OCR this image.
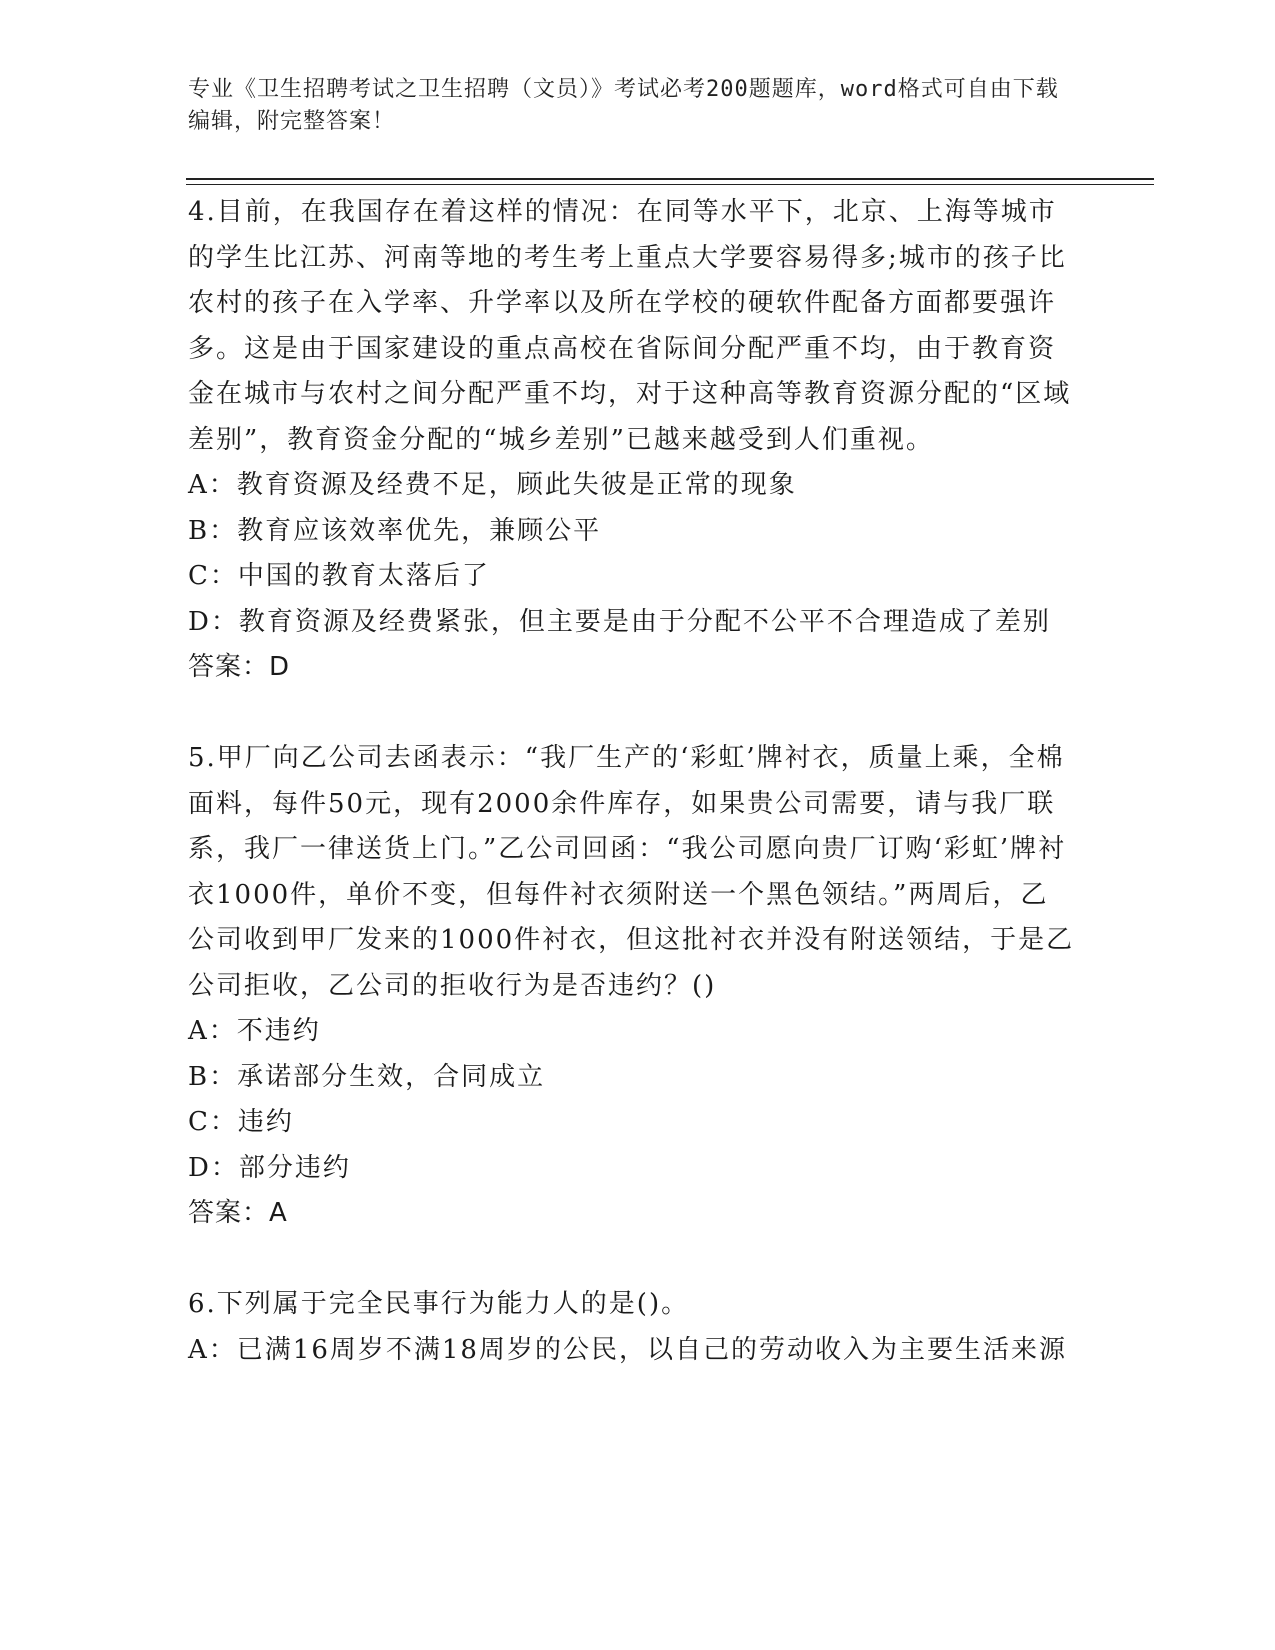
专业《卫生招聘考试之卫生招聘（文员）》考试必考200题题库，word格式可自由下载编辑，附完整答案！

4.目前，在我国存在着这样的情况：在同等水平下，北京、上海等城市的学生比江苏、河南等地的考生考上重点大学要容易得多;城市的孩子比农村的孩子在入学率、升学率以及所在学校的硬软件配备方面都要强许多。这是由于国家建设的重点高校在省际间分配严重不均，由于教育资金在城市与农村之间分配严重不均，对于这种高等教育资源分配的“区域差别”，教育资金分配的“城乡差别”已越来越受到人们重视。

A：教育资源及经费不足，顾此失彼是正常的现象

B：教育应该效率优先，兼顾公平

C：中国的教育太落后了

D：教育资源及经费紧张，但主要是由于分配不公平不合理造成了差别

答案：D

5.甲厂向乙公司去函表示：“我厂生产的‘彩虹’牌衬衣，质量上乘，全棉面料，每件50元，现有2000余件库存，如果贵公司需要，请与我厂联系，我厂一律送货上门。”乙公司回函：“我公司愿向贵厂订购‘彩虹’牌衬衣1000件，单价不变，但每件衬衣须附送一个黑色领结。”两周后，乙公司收到甲厂发来的1000件衬衣，但这批衬衣并没有附送领结，于是乙公司拒收，乙公司的拒收行为是否违约？()

A：不违约

B：承诺部分生效，合同成立

C：违约

D：部分违约

答案：A

6.下列属于完全民事行为能力人的是()。

A：已满16周岁不满18周岁的公民，以自己的劳动收入为主要生活来源
